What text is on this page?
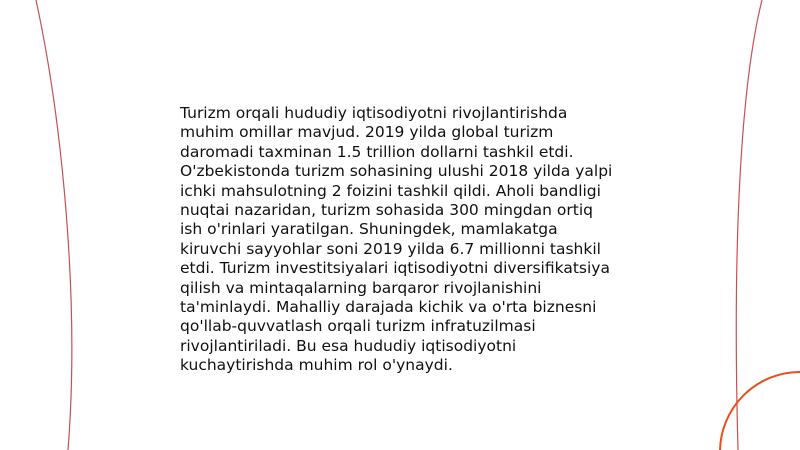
Turizm orqali hududiy iqtisodiyotni rivojlantirishda muhim omillar mavjud. 2019 yilda global turizm daromadi taxminan 1.5 trillion dollarni tashkil etdi. O'zbekistonda turizm sohasining ulushi 2018 yilda yalpi ichki mahsulotning 2 foizini tashkil qildi. Aholi bandligi nuqtai nazaridan, turizm sohasida 300 mingdan ortiq ish o'rinlari yaratilgan. Shuningdek, mamlakatga kiruvchi sayyohlar soni 2019 yilda 6.7 millionni tashkil etdi. Turizm investitsiyalari iqtisodiyotni diversifikatsiya qilish va mintaqalarning barqaror rivojlanishini ta'minlaydi. Mahalliy darajada kichik va o'rta biznesni qo'llab-quvvatlash orqali turizm infratuzilmasi rivojlantiriladi. Bu esa hududiy iqtisodiyotni kuchaytirishda muhim rol o'ynaydi.
